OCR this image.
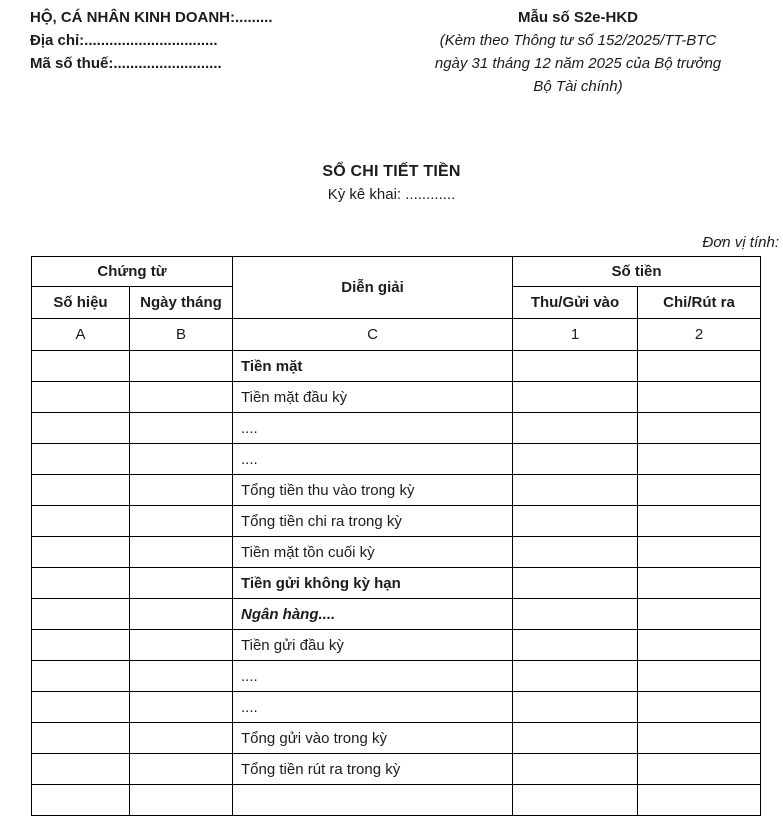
HỘ, CÁ NHÂN KINH DOANH:.........
Địa chỉ:................................
Mã số thuế:..........................
Mẫu số S2e-HKD
(Kèm theo Thông tư số 152/2025/TT-BTC
ngày 31 tháng 12 năm 2025 của Bộ trưởng
Bộ Tài chính)
SỔ CHI TIẾT TIỀN
Kỳ kê khai: ............
Đơn vị tính:
Chứng từ		Diễn giải	Số tiền	
Số hiệu	Ngày tháng		Thu/Gửi vào	Chi/Rút ra
A	B	C	1	2
		Tiền mặt		
		Tiền mặt đầu kỳ		
		....		
		....		
		Tổng tiền thu vào trong kỳ		
		Tổng tiền chi ra trong kỳ		
		Tiền mặt tồn cuối kỳ		
		Tiền gửi không kỳ hạn		
		Ngân hàng....		
		Tiền gửi đầu kỳ		
		....		
		....		
		Tổng gửi vào trong kỳ		
		Tổng tiền rút ra trong kỳ		
